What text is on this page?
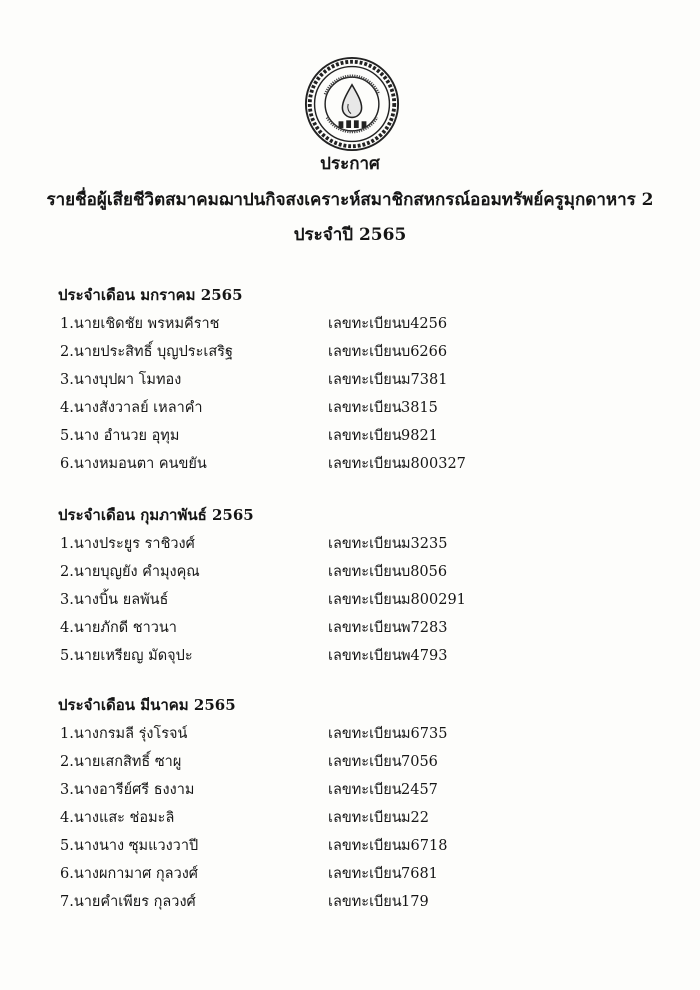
ประกาศ

รายชื่อผู้เสียชีวิตสมาคมฌาปนกิจสงเคราะห์สมาชิกสหกรณ์ออมทรัพย์ครูมุกดาหาร 2

ประจำปี 2565

ประจำเดือน มกราคม 2565
1.นายเชิดชัย พรหมคีราช	เลขทะเบียน บ4256
2.นายประสิทธิ์ บุญประเสริฐ	เลขทะเบียน บ6266
3.นางบุปผา โมทอง	เลขทะเบียน ม7381
4.นางสังวาลย์ เหลาคำ	เลขทะเบียน 3815
5.นาง อำนวย อุทุม	เลขทะเบียน 9821
6.นางหมอนตา คนขยัน	เลขทะเบียน ม800327
ประจำเดือน กุมภาพันธ์ 2565
1.นางประยูร ราชิวงศ์	เลขทะเบียน ม3235
2.นายบุญยัง คำมุงคุณ	เลขทะเบียน บ8056
3.นางบิ้น ยลพันธ์	เลขทะเบียน ม800291
4.นายภักดี ชาวนา	เลขทะเบียน พ7283
5.นายเหรียญ มัดจุปะ	เลขทะเบียน พ4793
ประจำเดือน มีนาคม 2565
1.นางกรมลี รุ่งโรจน์	เลขทะเบียน ม6735
2.นายเสกสิทธิ์ ซาผู	เลขทะเบียน 7056
3.นางอารีย์ศรี ธงงาม	เลขทะเบียน 2457
4.นางแสะ ช่อมะลิ	เลขทะเบียน ม22
5.นางนาง ซุมแวงวาปี	เลขทะเบียน ม6718
6.นางผกามาศ กุลวงศ์	เลขทะเบียน 7681
7.นายคำเพียร กุลวงศ์	เลขทะเบียน 179
